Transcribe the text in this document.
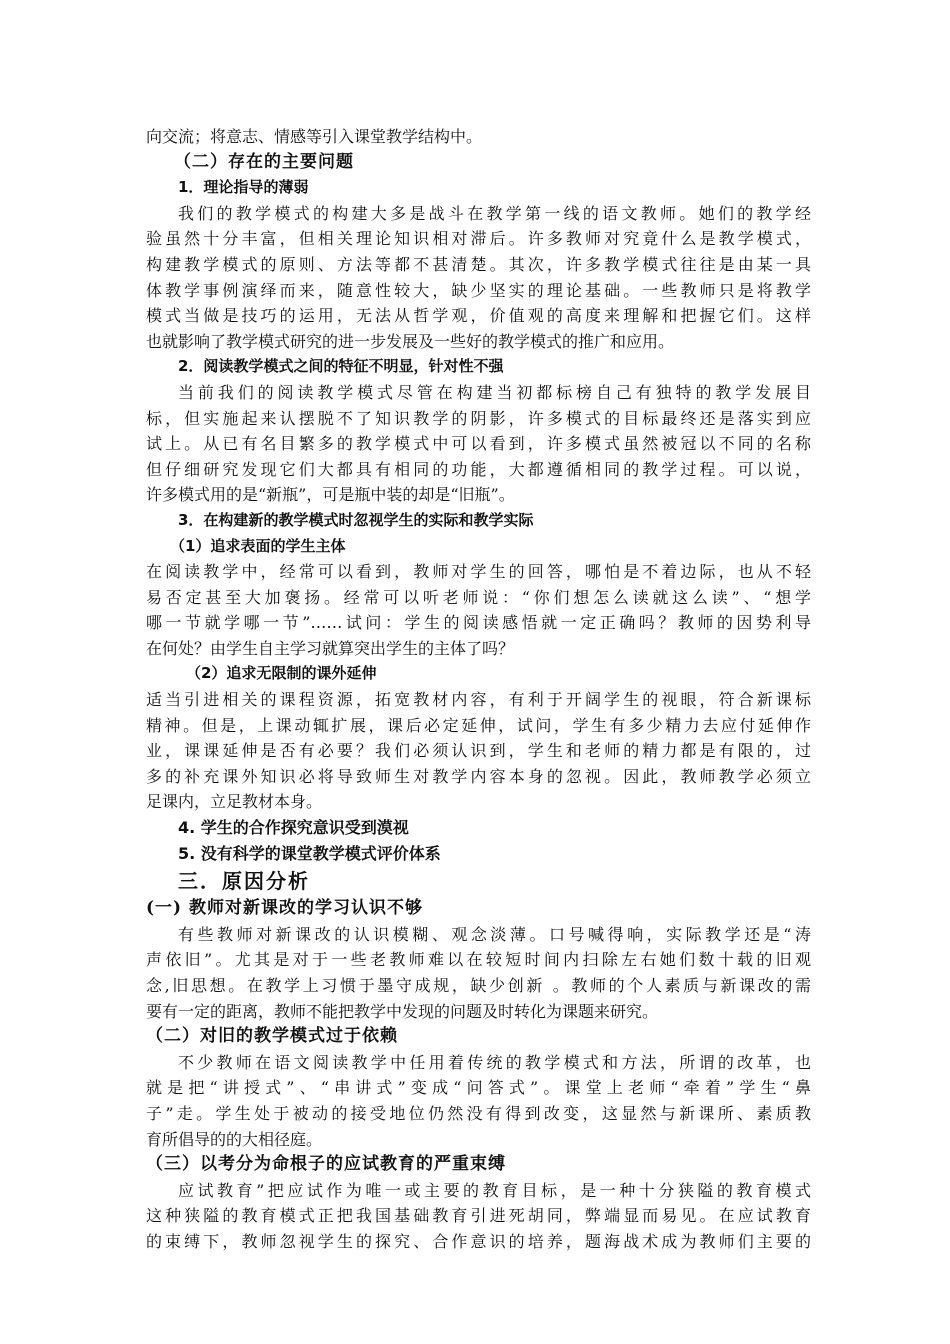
向交流；将意志、情感等引入课堂教学结构中。

（二）存在的主要问题

1．理论指导的薄弱

我们的教学模式的构建大多是战斗在教学第一线的语文教师。她们的教学经

验虽然十分丰富，但相关理论知识相对滞后。许多教师对究竟什么是教学模式，

构建教学模式的原则、方法等都不甚清楚。其次，许多教学模式往往是由某一具

体教学事例演绎而来，随意性较大，缺少坚实的理论基础。一些教师只是将教学

模式当做是技巧的运用，无法从哲学观，价值观的高度来理解和把握它们。这样

也就影响了教学模式研究的进一步发展及一些好的教学模式的推广和应用。

2．阅读教学模式之间的特征不明显，针对性不强

当前我们的阅读教学模式尽管在构建当初都标榜自己有独特的教学发展目

标，但实施起来认摆脱不了知识教学的阴影，许多模式的目标最终还是落实到应

试上。从已有名目繁多的教学模式中可以看到，许多模式虽然被冠以不同的名称

但仔细研究发现它们大都具有相同的功能，大都遵循相同的教学过程。可以说，

许多模式用的是“新瓶”，可是瓶中装的却是“旧瓶”。

3．在构建新的教学模式时忽视学生的实际和教学实际

（1）追求表面的学生主体

在阅读教学中，经常可以看到，教师对学生的回答，哪怕是不着边际，也从不轻

易否定甚至大加褒扬。经常可以听老师说：“你们想怎么读就这么读”、“想学

哪一节就学哪一节”……试问：学生的阅读感悟就一定正确吗？教师的因势利导

在何处？由学生自主学习就算突出学生的主体了吗？

（2）追求无限制的课外延伸

适当引进相关的课程资源，拓宽教材内容，有利于开阔学生的视眼，符合新课标

精神。但是，上课动辄扩展，课后必定延伸，试问，学生有多少精力去应付延伸作

业，课课延伸是否有必要？我们必须认识到，学生和老师的精力都是有限的，过

多的补充课外知识必将导致师生对教学内容本身的忽视。因此，教师教学必须立

足课内，立足教材本身。

4. 学生的合作探究意识受到漠视

5. 没有科学的课堂教学模式评价体系

三．原因分析

(一) 教师对新课改的学习认识不够

有些教师对新课改的认识模糊、观念淡薄。口号喊得响，实际教学还是“涛

声依旧”。尤其是对于一些老教师难以在较短时间内扫除左右她们数十载的旧观

念,旧思想。在教学上习惯于墨守成规，缺少创新 。教师的个人素质与新课改的需

要有一定的距离，教师不能把教学中发现的问题及时转化为课题来研究。

（二）对旧的教学模式过于依赖

不少教师在语文阅读教学中任用着传统的教学模式和方法，所谓的改革，也

就是把“讲授式”、“串讲式”变成“问答式”。课堂上老师“牵着”学生“鼻

子”走。学生处于被动的接受地位仍然没有得到改变，这显然与新课所、素质教

育所倡导的的大相径庭。

（三）以考分为命根子的应试教育的严重束缚

应试教育”把应试作为唯一或主要的教育目标，是一种十分狭隘的教育模式

这种狭隘的教育模式正把我国基础教育引进死胡同，弊端显而易见。在应试教育

的束缚下，教师忽视学生的探究、合作意识的培养，题海战术成为教师们主要的
